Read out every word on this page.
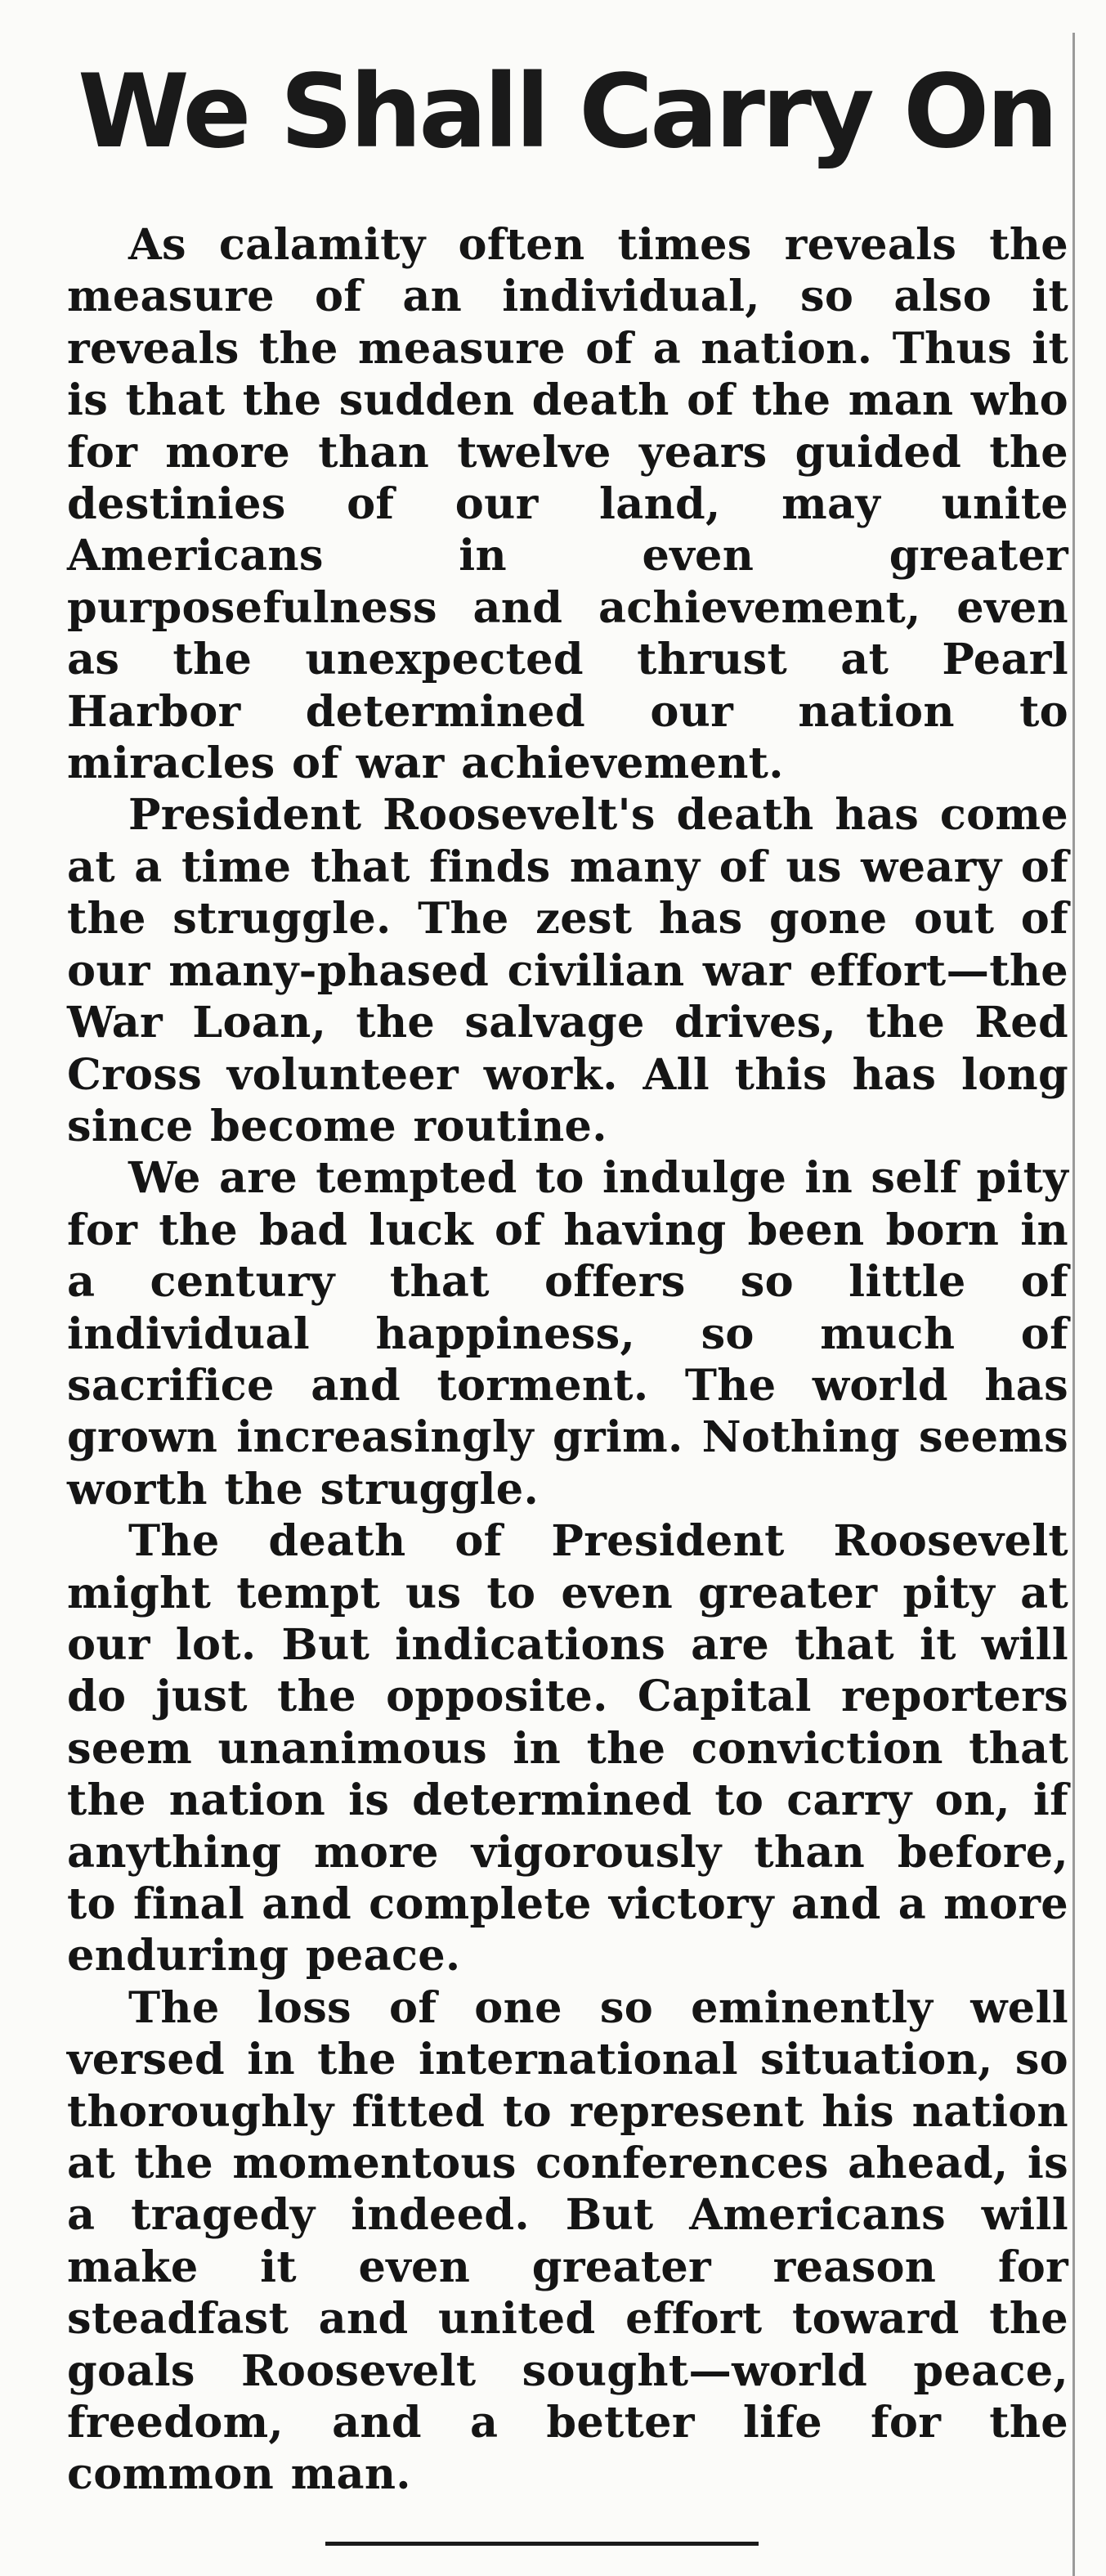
We Shall Carry On

As calamity often times reveals the measure of an individual, so also it reveals the measure of a nation. Thus it is that the sudden death of the man who for more than twelve years guided the destinies of our land, may unite Americans in even greater purposefulness and achievement, even as the unexpected thrust at Pearl Harbor determined our nation to miracles of war achievement.

President Roosevelt's death has come at a time that finds many of us weary of the struggle. The zest has gone out of our many-phased civilian war effort—the War Loan, the salvage drives, the Red Cross volunteer work. All this has long since become routine.

We are tempted to indulge in self pity for the bad luck of having been born in a century that offers so little of individual happiness, so much of sacrifice and torment. The world has grown increasingly grim. Nothing seems worth the struggle.

The death of President Roosevelt might tempt us to even greater pity at our lot. But indications are that it will do just the opposite. Capital reporters seem unanimous in the conviction that the nation is determined to carry on, if anything more vigorously than before, to final and complete victory and a more enduring peace.

The loss of one so eminently well versed in the international situation, so thoroughly fitted to represent his nation at the momentous conferences ahead, is a tragedy indeed. But Americans will make it even greater reason for steadfast and united effort toward the goals Roosevelt sought—world peace, freedom, and a better life for the common man.
